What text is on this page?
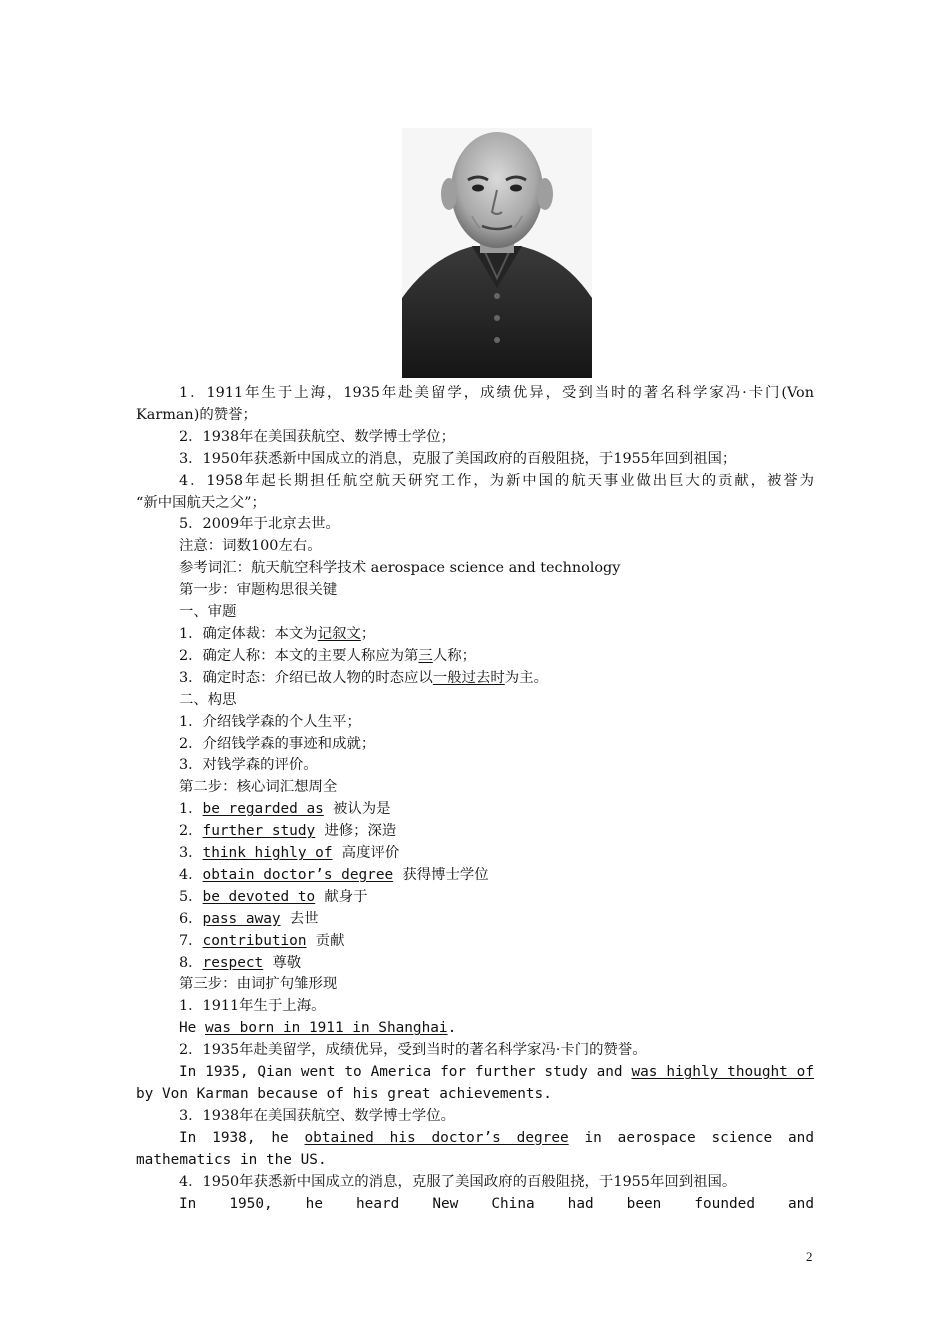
1．1911年生于上海，1935年赴美留学，成绩优异，受到当时的著名科学家冯·卡门(Von

Karman)的赞誉；

2．1938年在美国获航空、数学博士学位；

3．1950年获悉新中国成立的消息，克服了美国政府的百般阻挠，于1955年回到祖国；

4．1958年起长期担任航空航天研究工作，为新中国的航天事业做出巨大的贡献，被誉为

“新中国航天之父”；

5．2009年于北京去世。

注意：词数100左右。

参考词汇：航天航空科学技术 aerospace science and technology

第一步：审题构思很关键

一、审题

1．确定体裁：本文为记叙文；

2．确定人称：本文的主要人称应为第三人称；

3．确定时态：介绍已故人物的时态应以一般过去时为主。

二、构思

1．介绍钱学森的个人生平；

2．介绍钱学森的事迹和成就；

3．对钱学森的评价。

第二步：核心词汇想周全

1．be regarded as 被认为是

2．further study 进修；深造

3．think highly of 高度评价

4．obtain doctor’s degree 获得博士学位

5．be devoted to 献身于

6．pass away 去世

7．contribution 贡献

8．respect 尊敬

第三步：由词扩句雏形现

1．1911年生于上海。

He was born in 1911 in Shanghai.

2．1935年赴美留学，成绩优异，受到当时的著名科学家冯·卡门的赞誉。

In 1935, Qian went to America for further study and was highly thought of by Von Karman because of his great achievements.

3．1938年在美国获航空、数学博士学位。

In 1938, he obtained his doctor’s degree in aerospace science and mathematics in the US.

4．1950年获悉新中国成立的消息，克服了美国政府的百般阻挠，于1955年回到祖国。

In 1950, he heard New China had been founded and

2
